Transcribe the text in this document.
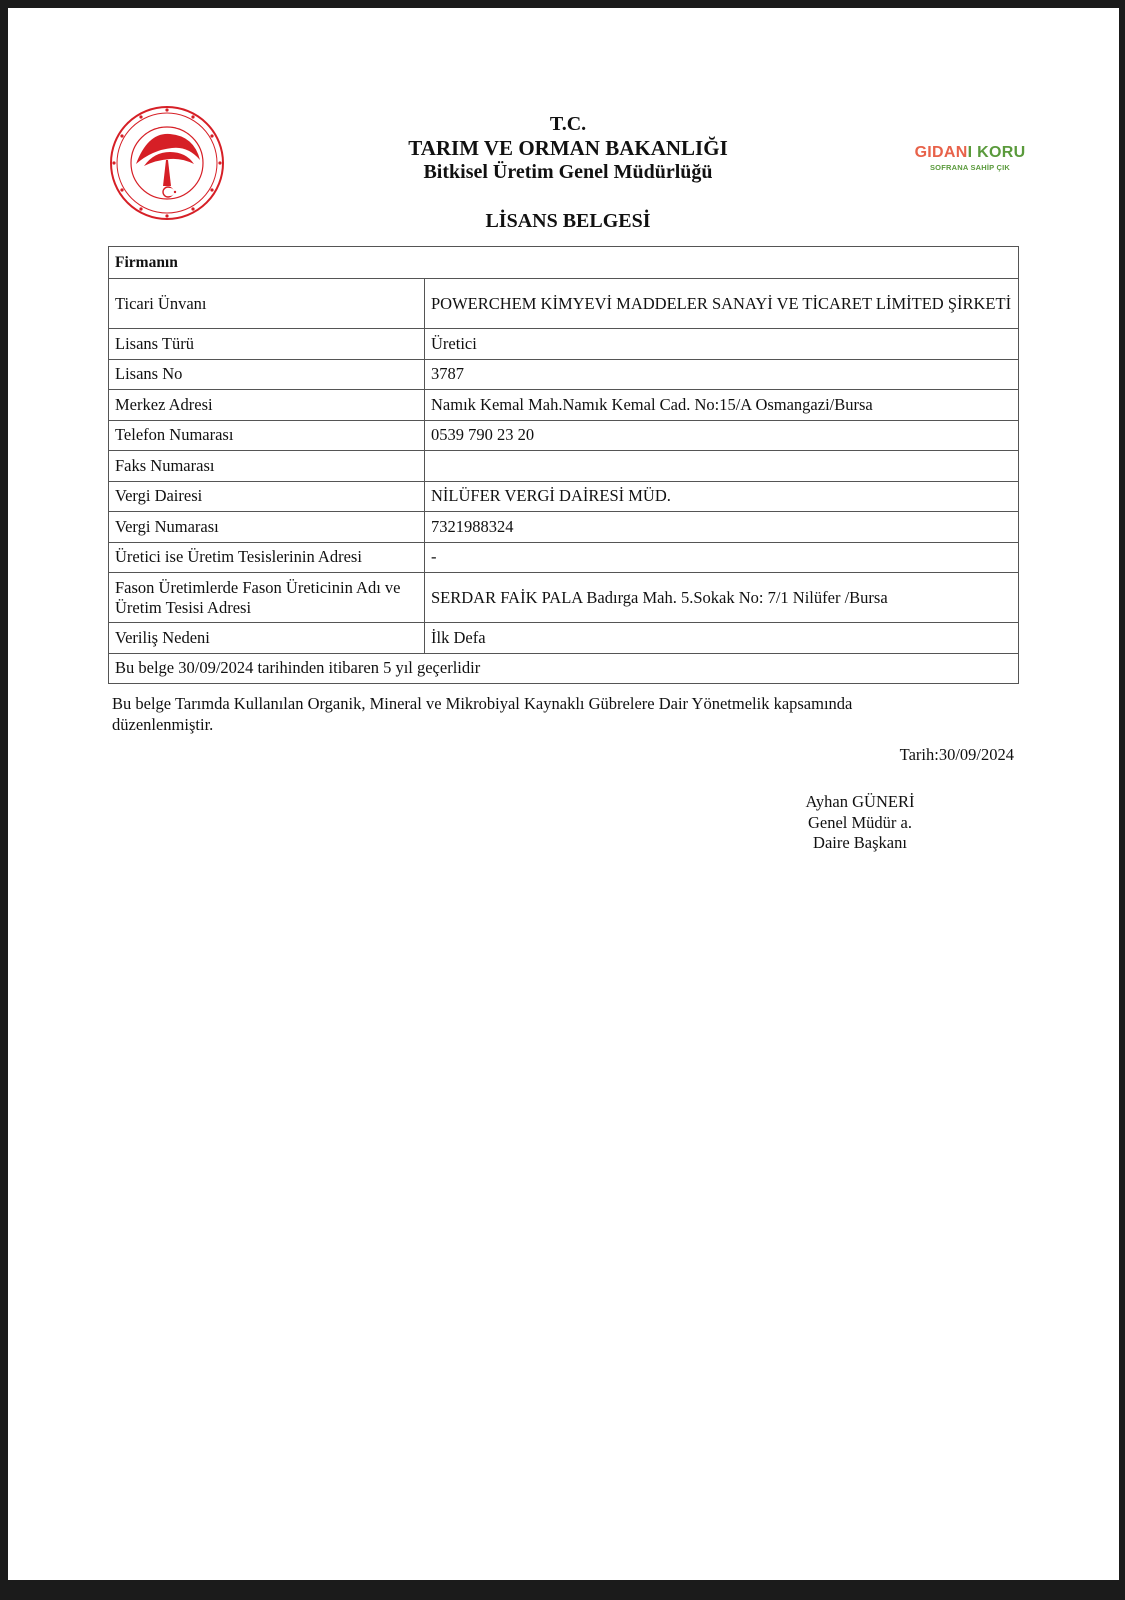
GIDANI KORU
SOFRANA SAHİP ÇIK
T.C.
TARIM VE ORMAN BAKANLIĞI
Bitkisel Üretim Genel Müdürlüğü
LİSANS BELGESİ
Firmanın	
Ticari Ünvanı	POWERCHEM KİMYEVİ MADDELER SANAYİ VE TİCARET LİMİTED ŞİRKETİ
Lisans Türü	Üretici
Lisans No	3787
Merkez Adresi	Namık Kemal Mah.Namık Kemal Cad. No:15/A Osmangazi/Bursa
Telefon Numarası	0539 790 23 20
Faks Numarası	
Vergi Dairesi	NİLÜFER VERGİ DAİRESİ MÜD.
Vergi Numarası	7321988324
Üretici ise Üretim Tesislerinin Adresi	-
Fason Üretimlerde Fason Üreticinin Adı ve Üretim Tesisi Adresi	SERDAR FAİK PALA Badırga Mah. 5.Sokak No: 7/1 Nilüfer /Bursa
Veriliş Nedeni	İlk Defa
Bu belge 30/09/2024 tarihinden itibaren 5 yıl geçerlidir	
Bu belge Tarımda Kullanılan Organik, Mineral ve Mikrobiyal Kaynaklı Gübrelere Dair Yönetmelik kapsamında düzenlenmiştir.
Tarih:30/09/2024
Ayhan GÜNERİ
Genel Müdür a.
Daire Başkanı
